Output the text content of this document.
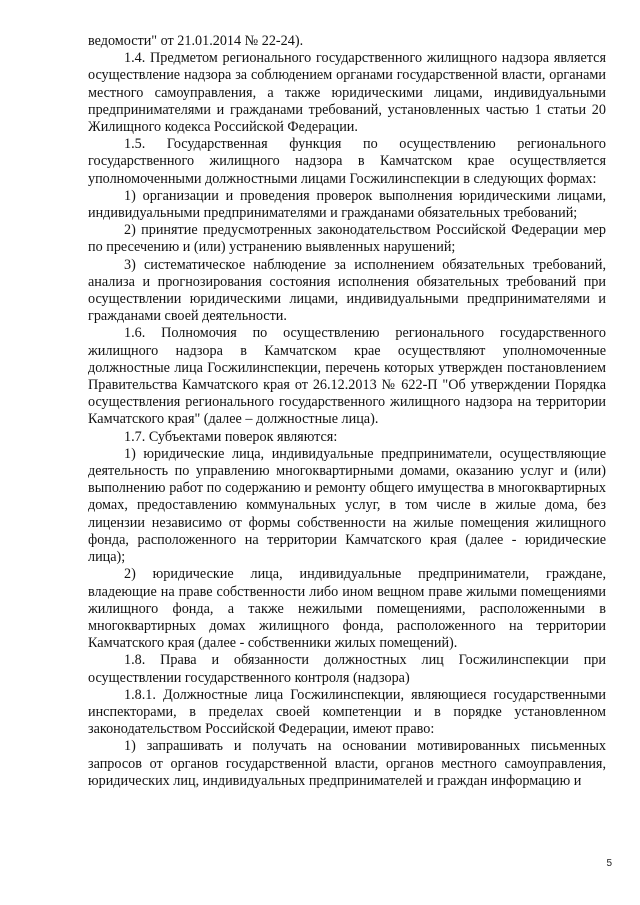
ведомости" от 21.01.2014 № 22-24).

1.4. Предметом регионального государственного жилищного надзора является осуществление надзора за соблюдением органами государственной власти, органами местного самоуправления, а также юридическими лицами, индивидуальными предпринимателями и гражданами требований, установленных частью 1 статьи 20 Жилищного кодекса Российской Федерации.

1.5. Государственная функция по осуществлению регионального государственного жилищного надзора в Камчатском крае осуществляется уполномоченными должностными лицами Госжилинспекции в следующих формах:

1) организации и проведения проверок выполнения юридическими лицами, индивидуальными предпринимателями и гражданами обязательных требований;

2) принятие предусмотренных законодательством Российской Федерации мер по пресечению и (или) устранению выявленных нарушений;

3) систематическое наблюдение за исполнением обязательных требований, анализа и прогнозирования состояния исполнения обязательных требований при осуществлении юридическими лицами, индивидуальными предпринимателями и гражданами своей деятельности.

1.6. Полномочия по осуществлению регионального государственного жилищного надзора в Камчатском крае осуществляют уполномоченные должностные лица Госжилинспекции, перечень которых утвержден постановлением Правительства Камчатского края от 26.12.2013 № 622-П "Об утверждении Порядка осуществления регионального государственного жилищного надзора на территории Камчатского края" (далее – должностные лица).

1.7. Субъектами поверок являются:

1) юридические лица, индивидуальные предприниматели, осуществляющие деятельность по управлению многоквартирными домами, оказанию услуг и (или) выполнению работ по содержанию и ремонту общего имущества в многоквартирных домах, предоставлению коммунальных услуг, в том числе в жилые дома, без лицензии независимо от формы собственности на жилые помещения жилищного фонда, расположенного на территории Камчатского края (далее - юридические лица);

2) юридические лица, индивидуальные предприниматели, граждане, владеющие на праве собственности либо ином вещном праве жилыми помещениями жилищного фонда, а также нежилыми помещениями, расположенными в многоквартирных домах жилищного фонда, расположенного на территории Камчатского края (далее - собственники жилых помещений).

1.8. Права и обязанности должностных лиц Госжилинспекции при осуществлении государственного контроля (надзора)

1.8.1. Должностные лица Госжилинспекции, являющиеся государственными инспекторами, в пределах своей компетенции и в порядке установленном законодательством Российской Федерации, имеют право:

1) запрашивать и получать на основании мотивированных письменных запросов от органов государственной власти, органов местного самоуправления, юридических лиц, индивидуальных предпринимателей и граждан информацию и

5
